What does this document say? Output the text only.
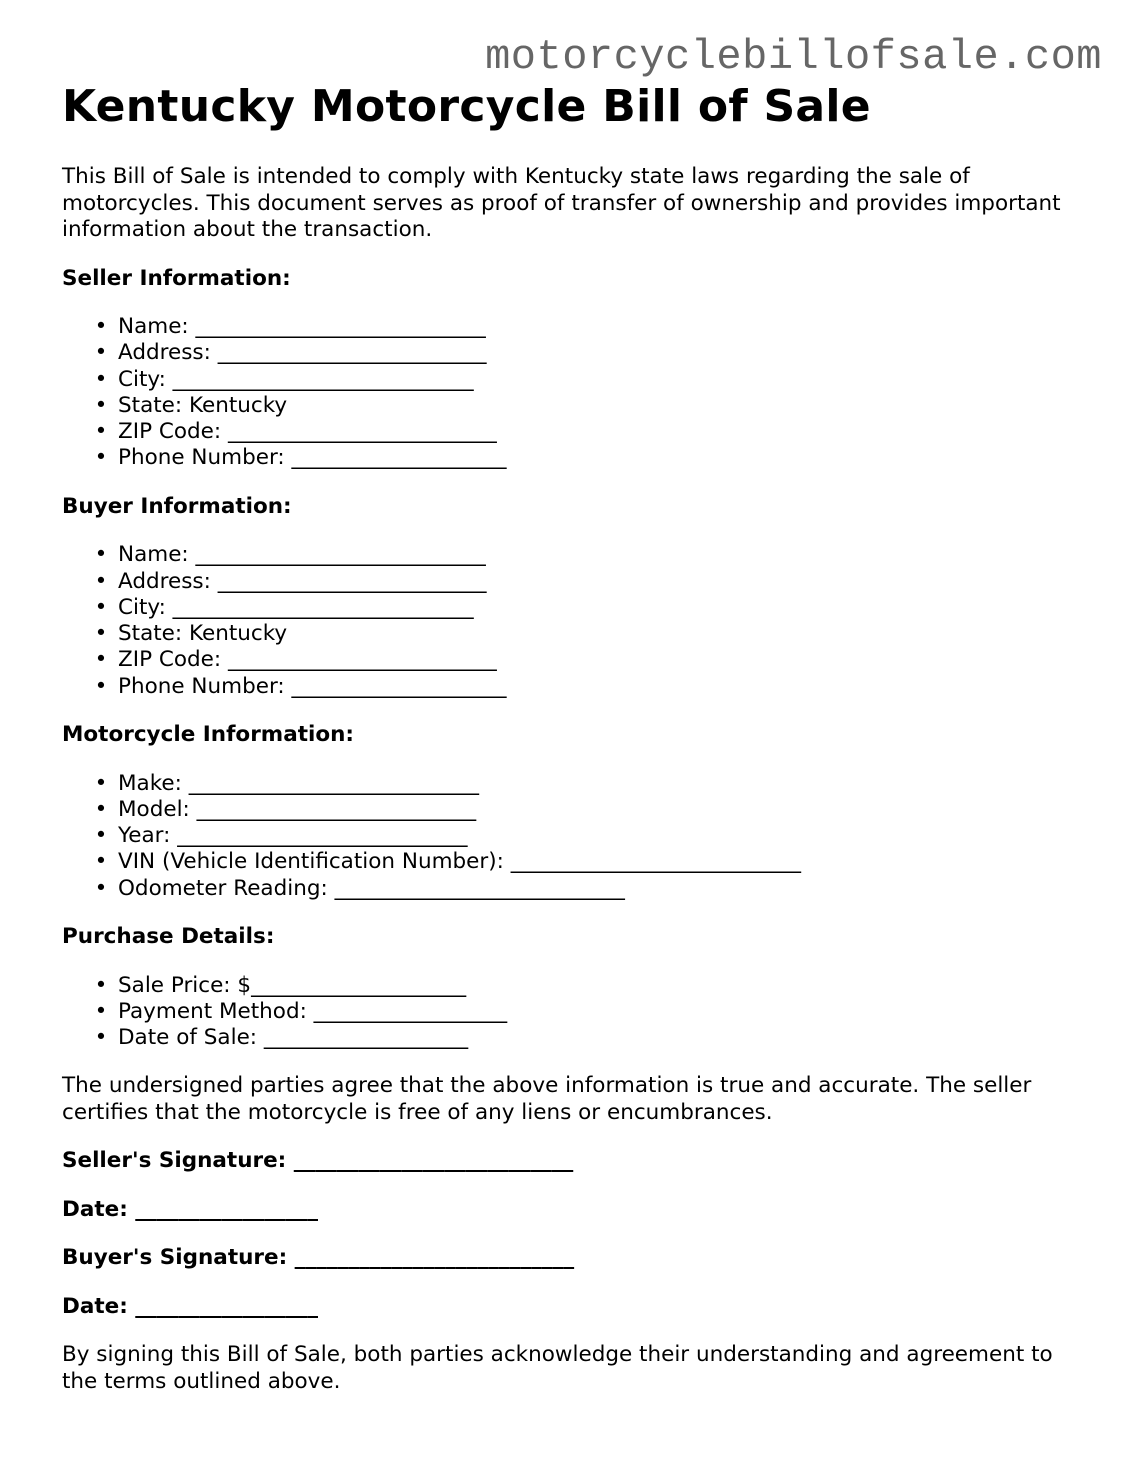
motorcyclebillofsale.com
Kentucky Motorcycle Bill of Sale

This Bill of Sale is intended to comply with Kentucky state laws regarding the sale of motorcycles. This document serves as proof of transfer of ownership and provides important information about the transaction.

Seller Information:

• Name: ___________________________
• Address: _________________________
• City: ____________________________
• State: Kentucky
• ZIP Code: _________________________
• Phone Number: ____________________

Buyer Information:

• Name: ___________________________
• Address: _________________________
• City: ____________________________
• State: Kentucky
• ZIP Code: _________________________
• Phone Number: ____________________

Motorcycle Information:

• Make: ___________________________
• Model: __________________________
• Year: ___________________________
• VIN (Vehicle Identification Number): ___________________________
• Odometer Reading: ___________________________

Purchase Details:

• Sale Price: $____________________
• Payment Method: __________________
• Date of Sale: ___________________

The undersigned parties agree that the above information is true and accurate. The seller certifies that the motorcycle is free of any liens or encumbrances.

Seller's Signature: __________________________

Date: _________________

Buyer's Signature: __________________________

Date: _________________

By signing this Bill of Sale, both parties acknowledge their understanding and agreement to the terms outlined above.
